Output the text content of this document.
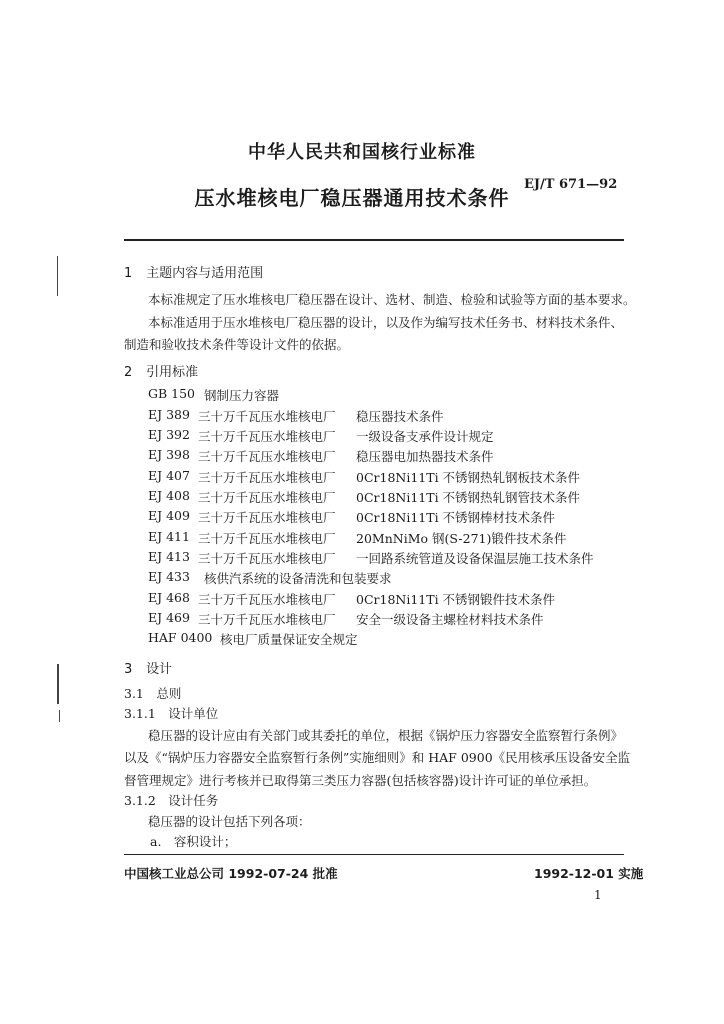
中华人民共和国核行业标准
压水堆核电厂稳压器通用技术条件
EJ/T 671—92
1 主题内容与适用范围
本标准规定了压水堆核电厂稳压器在设计、选材、制造、检验和试验等方面的基本要求。
本标准适用于压水堆核电厂稳压器的设计，以及作为编写技术任务书、材料技术条件、
制造和验收技术条件等设计文件的依据。
2 引用标准
GB 150 钢制压力容器
EJ 389 三十万千瓦压水堆核电厂 稳压器技术条件
EJ 392 三十万千瓦压水堆核电厂 一级设备支承件设计规定
EJ 398 三十万千瓦压水堆核电厂 稳压器电加热器技术条件
EJ 407 三十万千瓦压水堆核电厂 0Cr18Ni11Ti 不锈钢热轧钢板技术条件
EJ 408 三十万千瓦压水堆核电厂 0Cr18Ni11Ti 不锈钢热轧钢管技术条件
EJ 409 三十万千瓦压水堆核电厂 0Cr18Ni11Ti 不锈钢棒材技术条件
EJ 411 三十万千瓦压水堆核电厂 20MnNiMo 钢(S-271)锻件技术条件
EJ 413 三十万千瓦压水堆核电厂 一回路系统管道及设备保温层施工技术条件
EJ 433 核供汽系统的设备清洗和包装要求
EJ 468 三十万千瓦压水堆核电厂 0Cr18Ni11Ti 不锈钢锻件技术条件
EJ 469 三十万千瓦压水堆核电厂 安全一级设备主螺栓材料技术条件
HAF 0400 核电厂质量保证安全规定
3 设计
3.1　总则
3.1.1　设计单位
稳压器的设计应由有关部门或其委托的单位，根据《锅炉压力容器安全监察暂行条例》
以及《“锅炉压力容器安全监察暂行条例”实施细则》和 HAF 0900《民用核承压设备安全监
督管理规定》进行考核并已取得第三类压力容器(包括核容器)设计许可证的单位承担。
3.1.2　设计任务
稳压器的设计包括下列各项：
a.　容积设计；
中国核工业总公司 1992-07-24 批准	1992-12-01 实施
1
